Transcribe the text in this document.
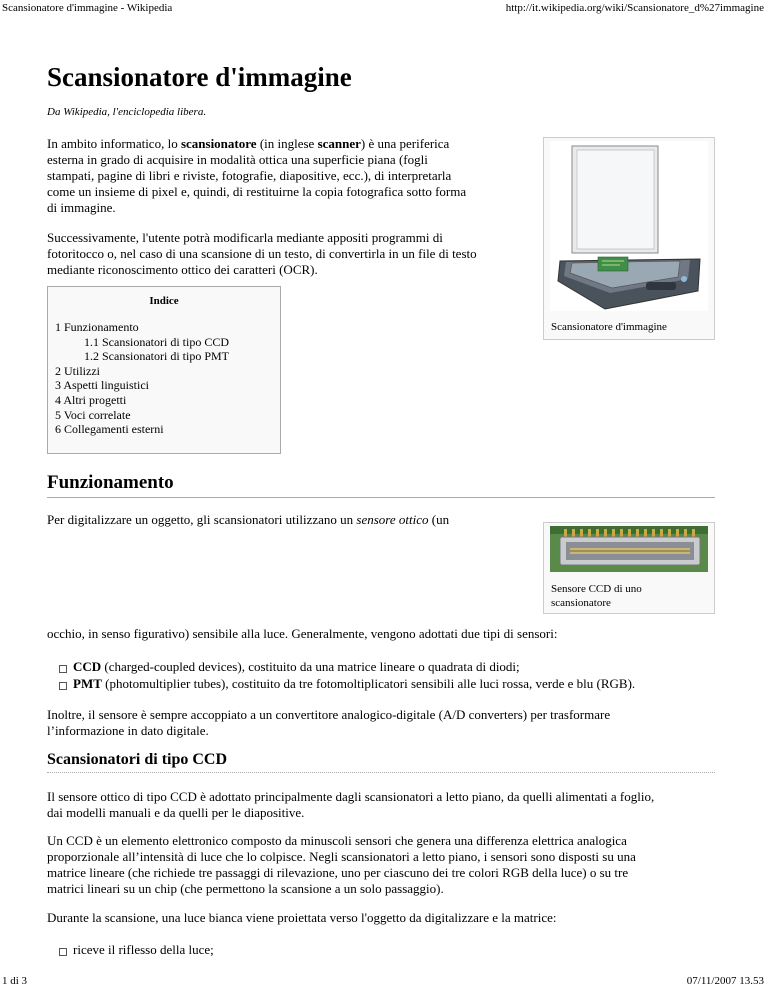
Scansionatore d'immagine - Wikipedia	http://it.wikipedia.org/wiki/Scansionatore_d%27immagine
Scansionatore d'immagine
Da Wikipedia, l'enciclopedia libera.

In ambito informatico, lo scansionatore (in inglese scanner) è una periferica
esterna in grado di acquisire in modalità ottica una superficie piana (fogli
stampati, pagine di libri e riviste, fotografie, diapositive, ecc.), di interpretarla
come un insieme di pixel e, quindi, di restituirne la copia fotografica sotto forma
di immagine.

Successivamente, l'utente potrà modificarla mediante appositi programmi di
fotoritocco o, nel caso di una scansione di un testo, di convertirla in un file di testo
mediante riconoscimento ottico dei caratteri (OCR).

Scansionatore d'immagine
Indice
1 Funzionamento
1.1 Scansionatori di tipo CCD
1.2 Scansionatori di tipo PMT
2 Utilizzi
3 Aspetti linguistici
4 Altri progetti
5 Voci correlate
6 Collegamenti esterni
Funzionamento

Per digitalizzare un oggetto, gli scansionatori utilizzano un sensore ottico (un

Sensore CCD di uno
scansionatore

occhio, in senso figurativo) sensibile alla luce. Generalmente, vengono adottati due tipi di sensori:

CCD (charged-coupled devices), costituito da una matrice lineare o quadrata di diodi;
PMT (photomultiplier tubes), costituito da tre fotomoltiplicatori sensibili alle luci rossa, verde e blu (RGB).

Inoltre, il sensore è sempre accoppiato a un convertitore analogico-digitale (A/D converters) per trasformare
l’informazione in dato digitale.

Scansionatori di tipo CCD

Il sensore ottico di tipo CCD è adottato principalmente dagli scansionatori a letto piano, da quelli alimentati a foglio,
dai modelli manuali e da quelli per le diapositive.

Un CCD è un elemento elettronico composto da minuscoli sensori che genera una differenza elettrica analogica
proporzionale all’intensità di luce che lo colpisce. Negli scansionatori a letto piano, i sensori sono disposti su una
matrice lineare (che richiede tre passaggi di rilevazione, uno per ciascuno dei tre colori RGB della luce) o su tre
matrici lineari su un chip (che permettono la scansione a un solo passaggio).

Durante la scansione, una luce bianca viene proiettata verso l'oggetto da digitalizzare e la matrice:

riceve il riflesso della luce;
1 di 3	07/11/2007 13.53
